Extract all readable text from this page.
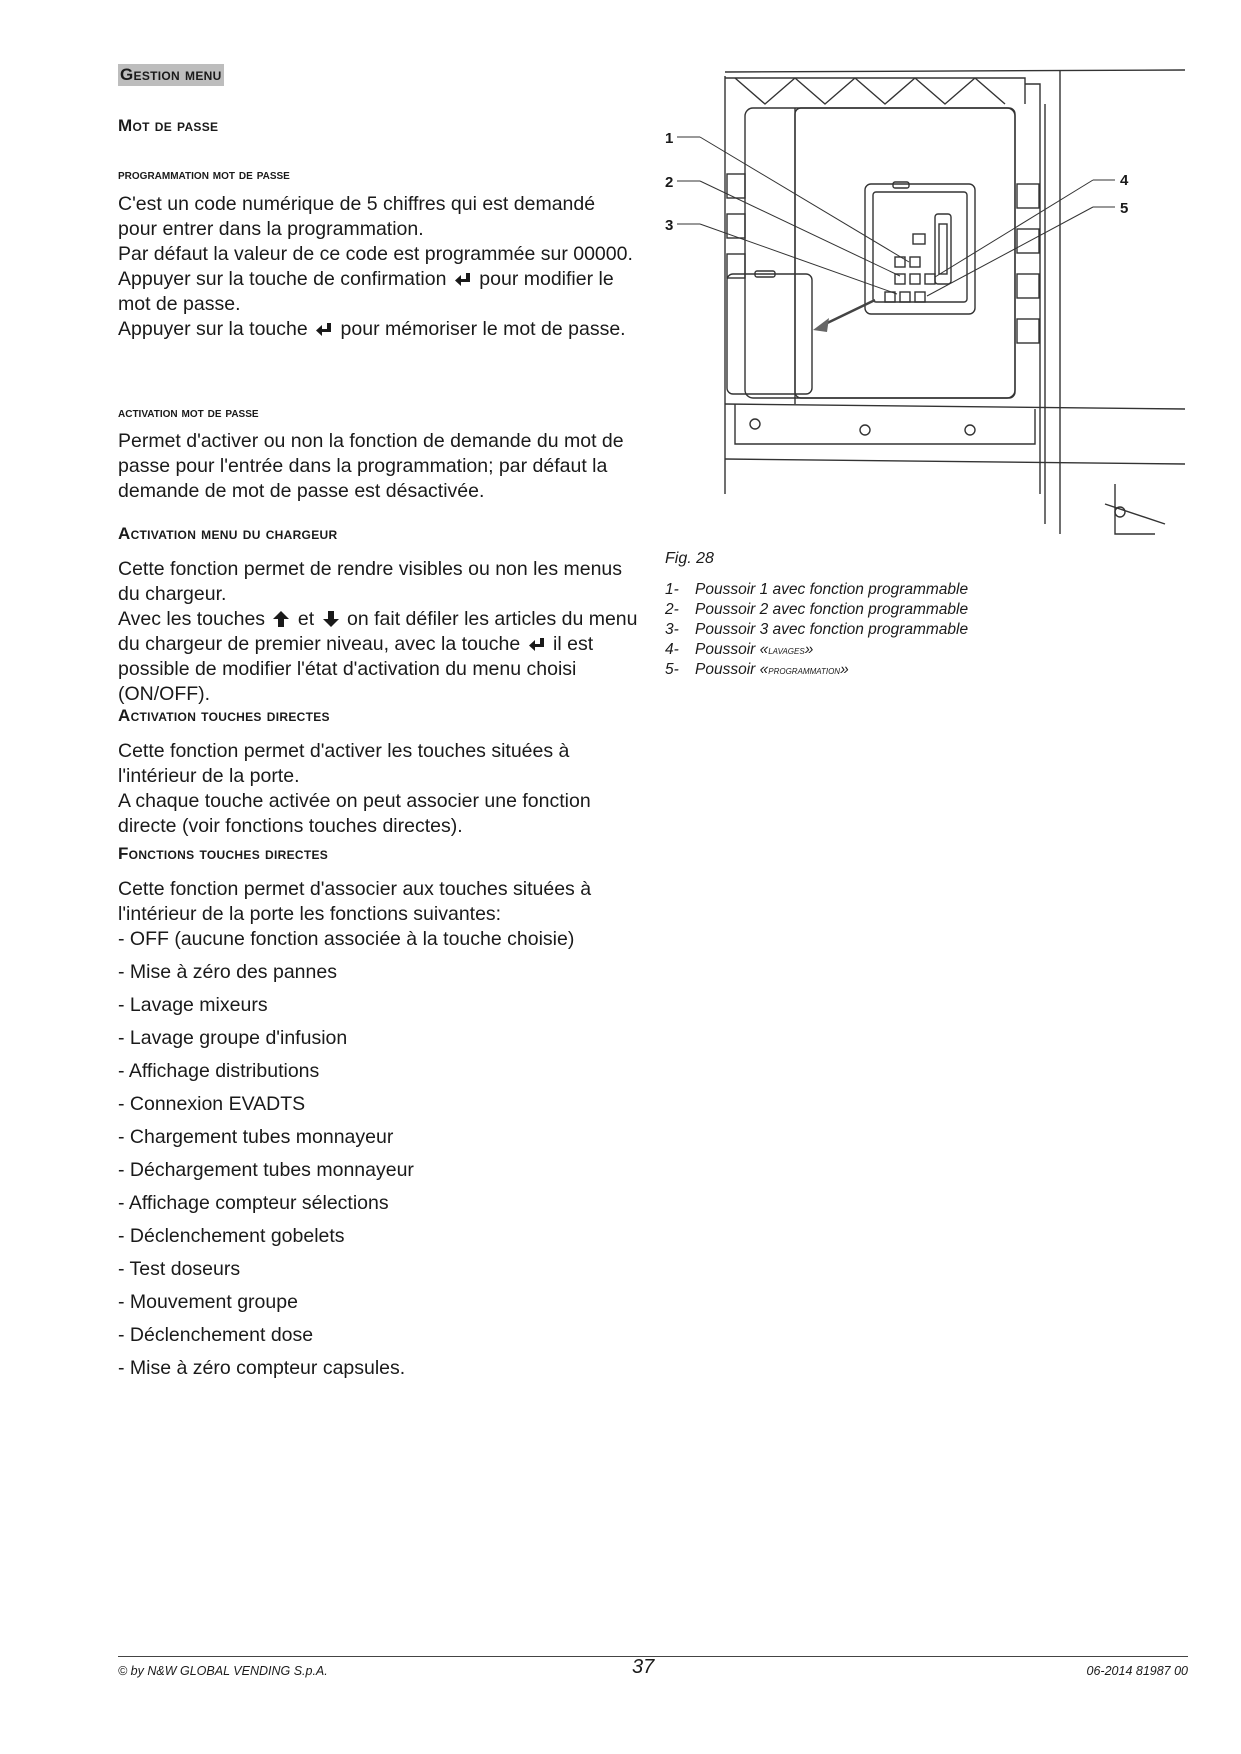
Gestion menu
Mot de passe
programmation mot de passe

C'est un code numérique de 5 chiffres qui est demandé pour entrer dans la programmation.

Par défaut la valeur de ce code est programmée sur 00000.

Appuyer sur la touche de confirmation pour modifier le mot de passe.

Appuyer sur la touche pour mémoriser le mot de passe.

activation mot de passe

Permet d'activer ou non la fonction de demande du mot de passe pour l'entrée dans la programmation; par défaut la demande de mot de passe est désactivée.

Activation menu du chargeur

Cette fonction permet de rendre visibles ou non les menus du chargeur.

Avec les touches et on fait défiler les articles du menu du chargeur de premier niveau, avec la touche il est possible de modifier l'état d'activation du menu choisi (ON/OFF).

Activation touches directes

Cette fonction permet d'activer les touches situées à l'intérieur de la porte.

A chaque touche activée on peut associer une fonction directe (voir fonctions touches directes).

Fonctions touches directes

Cette fonction permet d'associer aux touches situées à l'intérieur de la porte les fonctions suivantes:

- OFF (aucune fonction associée à la touche choisie)

- Mise à zéro des pannes

- Lavage mixeurs

- Lavage groupe d'infusion

- Affichage distributions

- Connexion EVADTS

- Chargement tubes monnayeur

- Déchargement tubes monnayeur

- Affichage compteur sélections

- Déclenchement gobelets

- Test doseurs

- Mouvement groupe

- Déclenchement dose

- Mise à zéro compteur capsules.

1
2
3
4
5
Fig. 28
1- Poussoir 1 avec fonction programmable
2- Poussoir 2 avec fonction programmable
3- Poussoir 3 avec fonction programmable
4- Poussoir «lavages»
5- Poussoir «programmation»
© by N&W GLOBAL VENDING S.p.A.	37	06-2014 81987 00
